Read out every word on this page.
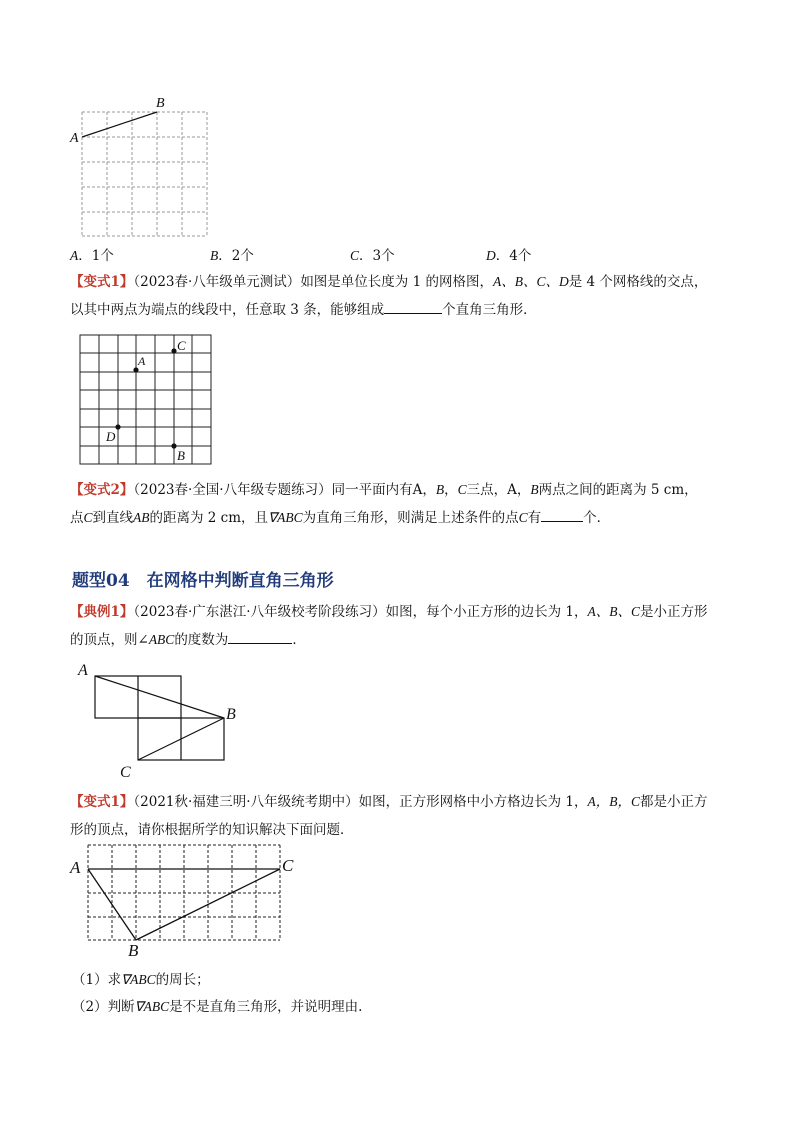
A
B
A．1个	B．2个	C．3个	D．4个
【变式1】（2023春·八年级单元测试）如图是单位长度为 1 的网格图，A、B、C、D是 4 个网格线的交点，
以其中两点为端点的线段中，任意取 3 条，能够组成	个直角三角形．
A
C
D
B
【变式2】（2023春·全国·八年级专题练习）同一平面内有A，B，C三点，A，B两点之间的距离为 5 cm，
点C到直线AB的距离为 2 cm，且∇ABC为直角三角形，则满足上述条件的点C有	个．
题型04　在网格中判断直角三角形
【典例1】（2023春·广东湛江·八年级校考阶段练习）如图，每个小正方形的边长为 1，A、B、C是小正方形
的顶点，则∠ABC的度数为	．
A
B
C
【变式1】（2021秋·福建三明·八年级统考期中）如图，正方形网格中小方格边长为 1，A，B，C都是小正方
形的顶点，请你根据所学的知识解决下面问题．
A	C
B
（1）求∇ABC的周长；
（2）判断∇ABC是不是直角三角形，并说明理由.
